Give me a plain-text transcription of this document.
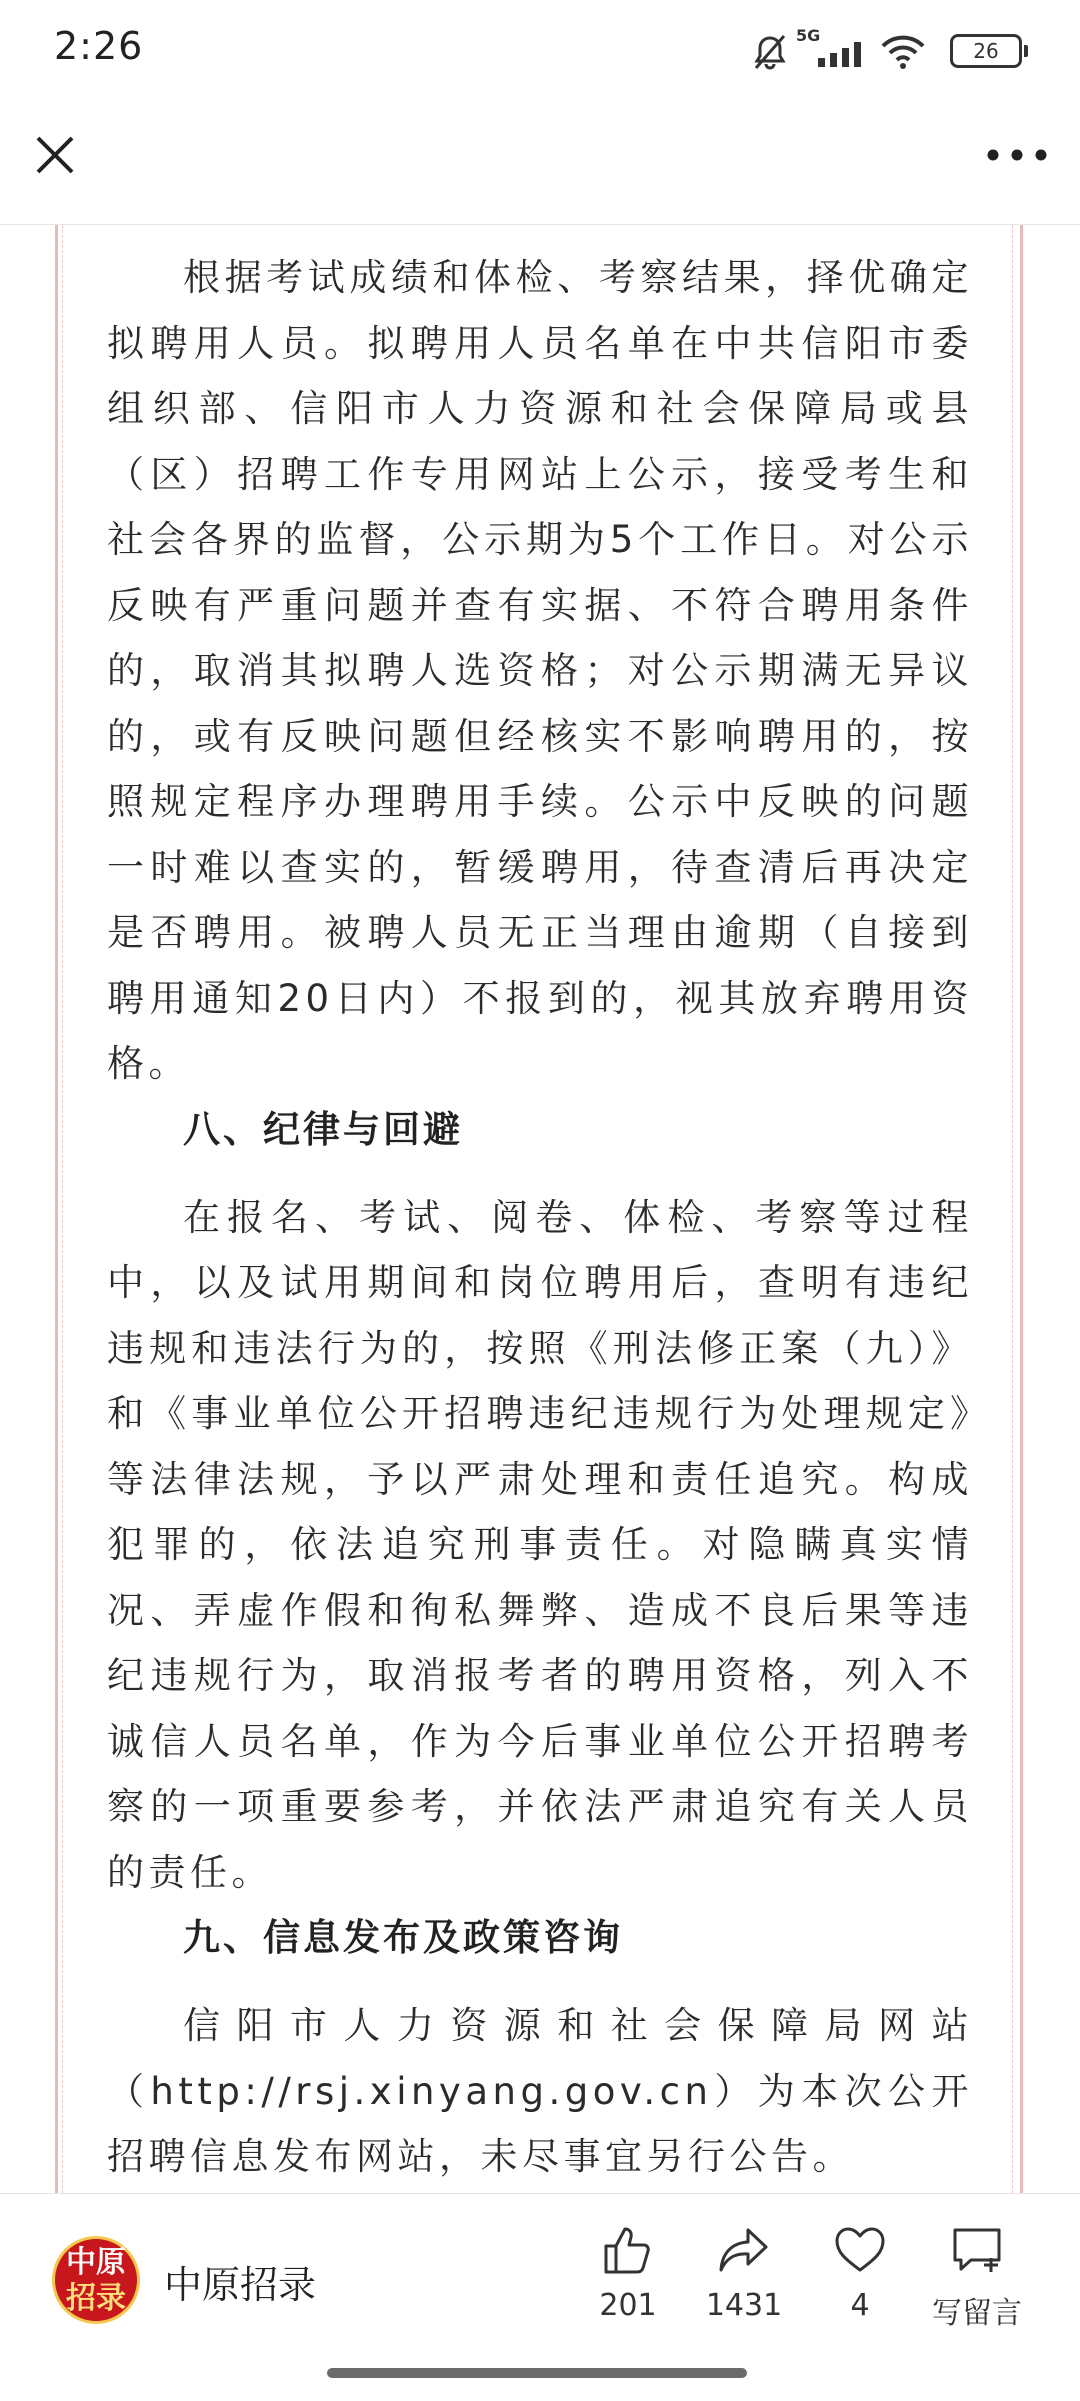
2:26	5G
26

根据考试成绩和体检、考察结果，择优确定拟聘用人员。拟聘用人员名单在中共信阳市委组织部、信阳市人力资源和社会保障局或县（区）招聘工作专用网站上公示，接受考生和社会各界的监督，公示期为5个工作日。对公示反映有严重问题并查有实据、不符合聘用条件的，取消其拟聘人选资格；对公示期满无异议的，或有反映问题但经核实不影响聘用的，按照规定程序办理聘用手续。公示中反映的问题一时难以查实的，暂缓聘用，待查清后再决定是否聘用。被聘人员无正当理由逾期（自接到聘用通知20日内）不报到的，视其放弃聘用资格。

八、纪律与回避

在报名、考试、阅卷、体检、考察等过程中，以及试用期间和岗位聘用后，查明有违纪违规和违法行为的，按照《刑法修正案（九）》和《事业单位公开招聘违纪违规行为处理规定》等法律法规，予以严肃处理和责任追究。构成犯罪的，依法追究刑事责任。对隐瞒真实情况、弄虚作假和徇私舞弊、造成不良后果等违纪违规行为，取消报考者的聘用资格，列入不诚信人员名单，作为今后事业单位公开招聘考察的一项重要参考，并依法严肃追究有关人员的责任。

九、信息发布及政策咨询

信阳市人力资源和社会保障局网站（http://rsj.xinyang.gov.cn）为本次公开招聘信息发布网站，未尽事宜另行公告。

中原
招录 中原招录	201	1431	4	写留言
